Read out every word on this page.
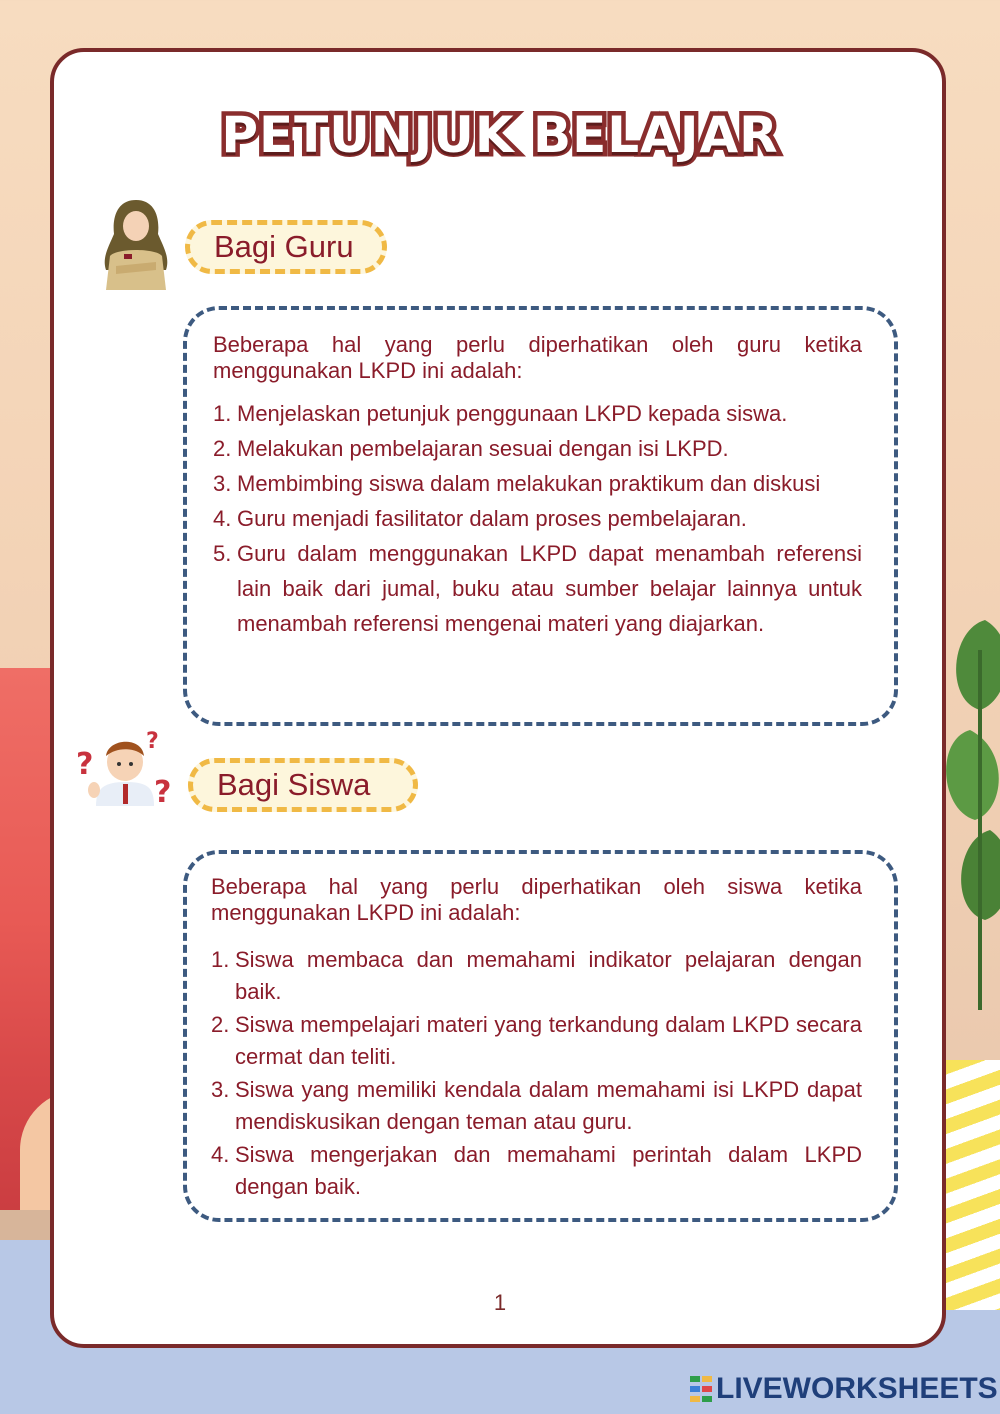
PETUNJUK BELAJAR
Bagi Guru

Beberapa hal yang perlu diperhatikan oleh guru ketika menggunakan LKPD ini adalah:

1. Menjelaskan petunjuk penggunaan LKPD kepada siswa.
2. Melakukan pembelajaran sesuai dengan isi LKPD.
3. Membimbing siswa dalam melakukan praktikum dan diskusi
4. Guru menjadi fasilitator dalam proses pembelajaran.
5. Guru dalam menggunakan LKPD dapat menambah referensi lain baik dari jumal, buku atau sumber belajar lainnya untuk menambah referensi mengenai materi yang diajarkan.
?
?
? Bagi Siswa

Beberapa hal yang perlu diperhatikan oleh siswa ketika menggunakan LKPD ini adalah:

1. Siswa membaca dan memahami indikator pelajaran dengan baik.
2. Siswa mempelajari materi yang terkandung dalam LKPD secara cermat dan teliti.
3. Siswa yang memiliki kendala dalam memahami isi LKPD dapat mendiskusikan dengan teman atau guru.
4. Siswa mengerjakan dan memahami perintah dalam LKPD dengan baik.
1
LIVEWORKSHEETS
